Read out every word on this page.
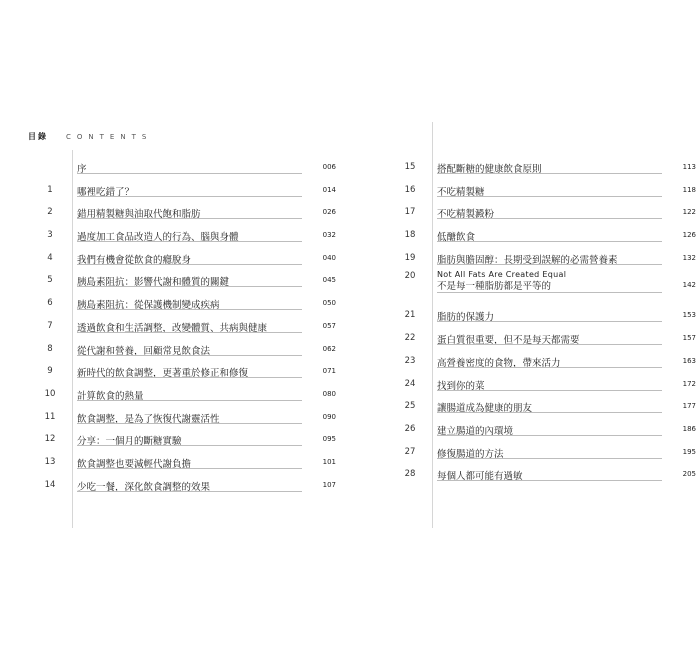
目錄	CONTENTS
序	006
1	哪裡吃錯了？	014
2	錯用精製糖與油取代飽和脂肪	026
3	過度加工食品改造人的行為、腦與身體	032
4	我們有機會從飲食的癮脫身	040
5	胰島素阻抗：影響代謝和體質的關鍵	045
6	胰島素阻抗：從保護機制變成疾病	050
7	透過飲食和生活調整，改變體質、共病與健康	057
8	從代謝和營養，回顧常見飲食法	062
9	新時代的飲食調整，更著重於修正和修復	071
10	計算飲食的熱量	080
11	飲食調整，是為了恢復代謝靈活性	090
12	分享：一個月的斷糖實驗	095
13	飲食調整也要減輕代謝負擔	101
14	少吃一餐，深化飲食調整的效果	107
15	搭配斷糖的健康飲食原則	113
16	不吃精製糖	118
17	不吃精製澱粉	122
18	低醣飲食	126
19	脂肪與膽固醇：長期受到誤解的必需營養素	132
20	Not All Fats Are Created Equal
不是每一種脂肪都是平等的	142
21	脂肪的保護力	153
22	蛋白質很重要，但不是每天都需要	157
23	高營養密度的食物，帶來活力	163
24	找到你的菜	172
25	讓腸道成為健康的朋友	177
26	建立腸道的內環境	186
27	修復腸道的方法	195
28	每個人都可能有過敏	205
